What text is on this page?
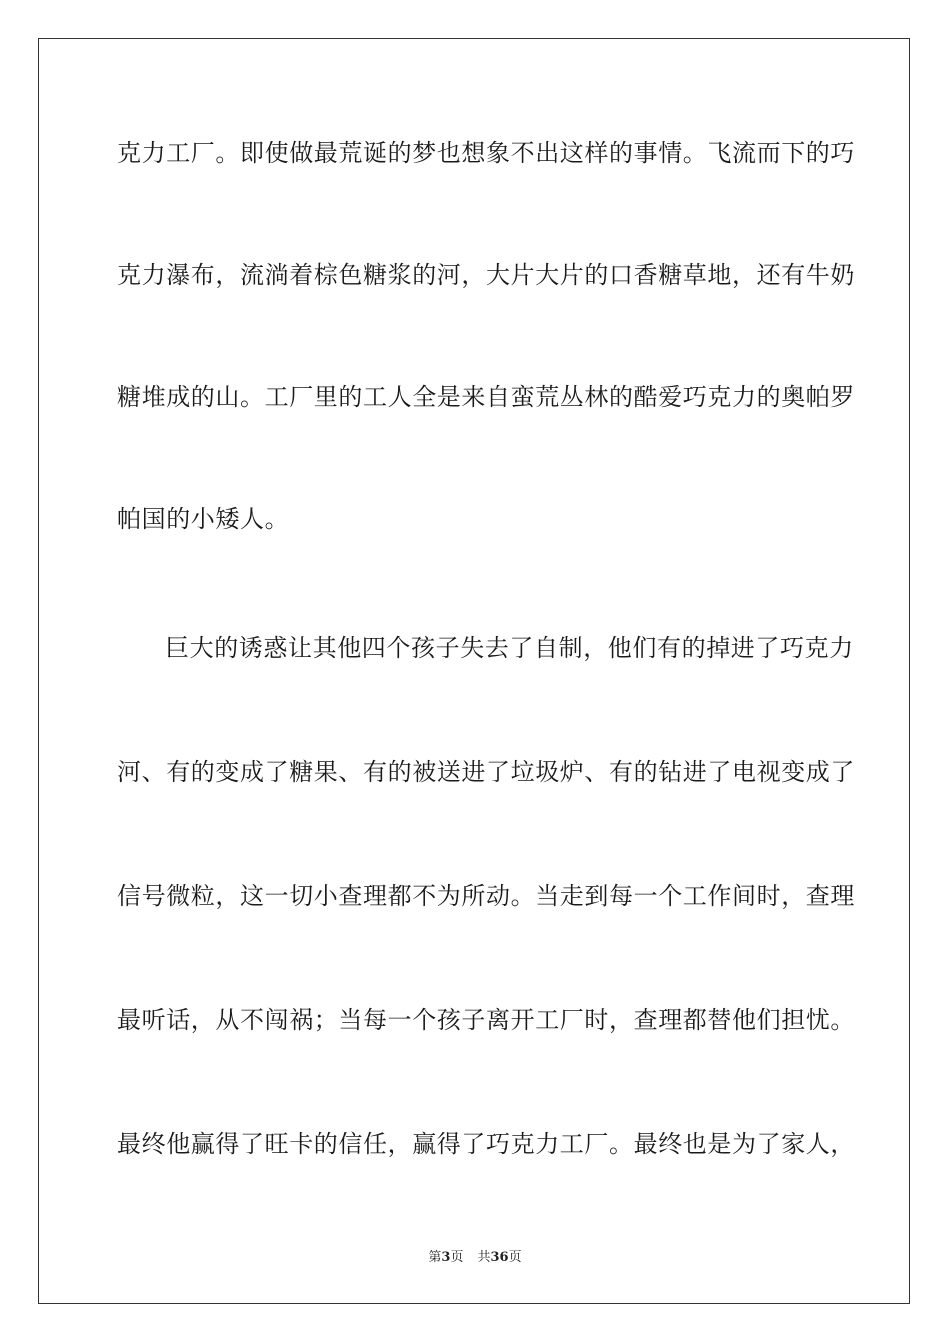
克力工厂。即使做最荒诞的梦也想象不出这样的事情。飞流而下的巧
克力瀑布，流淌着棕色糖浆的河，大片大片的口香糖草地，还有牛奶
糖堆成的山。工厂里的工人全是来自蛮荒丛林的酷爱巧克力的奥帕罗
帕国的小矮人。
巨大的诱惑让其他四个孩子失去了自制，他们有的掉进了巧克力
河、有的变成了糖果、有的被送进了垃圾炉、有的钻进了电视变成了
信号微粒，这一切小查理都不为所动。当走到每一个工作间时，查理
最听话，从不闯祸；当每一个孩子离开工厂时，查理都替他们担忧。
最终他赢得了旺卡的信任，赢得了巧克力工厂。最终也是为了家人，
第3页 共36页
